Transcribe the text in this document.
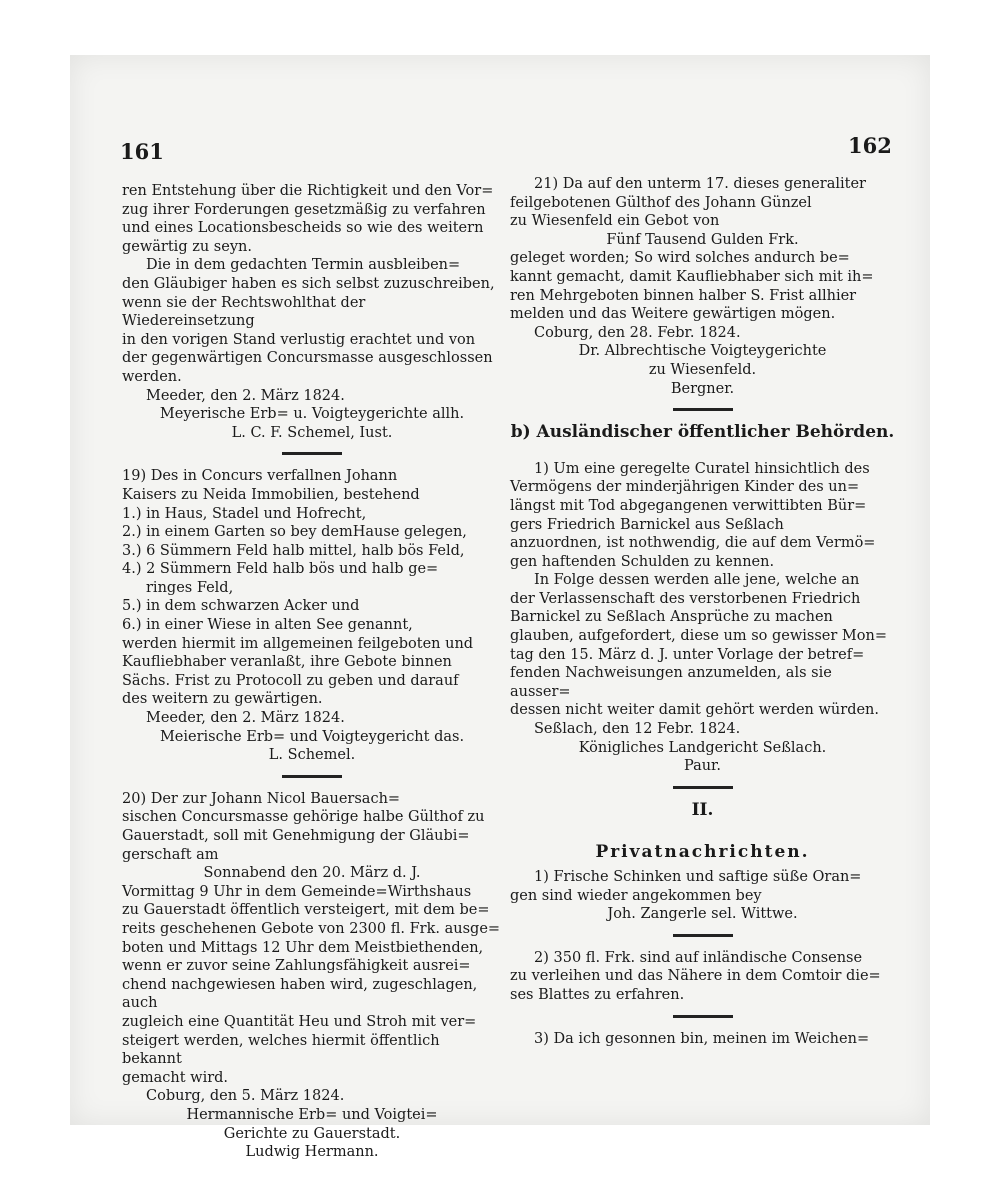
161	162

ren Entstehung über die Richtigkeit und den Vor=

zug ihrer Forderungen gesetzmäßig zu verfahren

und eines Locationsbescheids so wie des weitern

gewärtig zu seyn.

Die in dem gedachten Termin ausbleiben=

den Gläubiger haben es sich selbst zuzuschreiben,

wenn sie der Rechtswohlthat der Wiedereinsetzung

in den vorigen Stand verlustig erachtet und von

der gegenwärtigen Concursmasse ausgeschlossen

werden.

Meeder, den 2. März 1824.

Meyerische Erb= u. Voigteygerichte allh.

L. C. F. Schemel, Iust.

19) Des in Concurs verfallnen Johann

Kaisers zu Neida Immobilien, bestehend

1.) in Haus, Stadel und Hofrecht,

2.) in einem Garten so bey demHause gelegen,

3.) 6 Sümmern Feld halb mittel, halb bös Feld,

4.) 2 Sümmern Feld halb bös und halb ge=

ringes Feld,

5.) in dem schwarzen Acker und

6.) in einer Wiese in alten See genannt,

werden hiermit im allgemeinen feilgeboten und

Kaufliebhaber veranlaßt, ihre Gebote binnen

Sächs. Frist zu Protocoll zu geben und darauf

des weitern zu gewärtigen.

Meeder, den 2. März 1824.

Meierische Erb= und Voigteygericht das.

L. Schemel.

20) Der zur Johann Nicol Bauersach=

sischen Concursmasse gehörige halbe Gülthof zu

Gauerstadt, soll mit Genehmigung der Gläubi=

gerschaft am

Sonnabend den 20. März d. J.

Vormittag 9 Uhr in dem Gemeinde=Wirthshaus

zu Gauerstadt öffentlich versteigert, mit dem be=

reits geschehenen Gebote von 2300 fl. Frk. ausge=

boten und Mittags 12 Uhr dem Meistbiethenden,

wenn er zuvor seine Zahlungsfähigkeit ausrei=

chend nachgewiesen haben wird, zugeschlagen, auch

zugleich eine Quantität Heu und Stroh mit ver=

steigert werden, welches hiermit öffentlich bekannt

gemacht wird.

Coburg, den 5. März 1824.

Hermannische Erb= und Voigtei=

Gerichte zu Gauerstadt.

Ludwig Hermann.

21) Da auf den unterm 17. dieses generaliter

feilgebotenen Gülthof des Johann Günzel

zu Wiesenfeld ein Gebot von

Fünf Tausend Gulden Frk.

geleget worden; So wird solches andurch be=

kannt gemacht, damit Kaufliebhaber sich mit ih=

ren Mehrgeboten binnen halber S. Frist allhier

melden und das Weitere gewärtigen mögen.

Coburg, den 28. Febr. 1824.

Dr. Albrechtische Voigteygerichte

zu Wiesenfeld.

Bergner.

b) Ausländischer öffentlicher Behörden.

1) Um eine geregelte Curatel hinsichtlich des

Vermögens der minderjährigen Kinder des un=

längst mit Tod abgegangenen verwittibten Bür=

gers Friedrich Barnickel aus Seßlach

anzuordnen, ist nothwendig, die auf dem Vermö=

gen haftenden Schulden zu kennen.

In Folge dessen werden alle jene, welche an

der Verlassenschaft des verstorbenen Friedrich

Barnickel zu Seßlach Ansprüche zu machen

glauben, aufgefordert, diese um so gewisser Mon=

tag den 15. März d. J. unter Vorlage der betref=

fenden Nachweisungen anzumelden, als sie ausser=

dessen nicht weiter damit gehört werden würden.

Seßlach, den 12 Febr. 1824.

Königliches Landgericht Seßlach.

Paur.

II.
Privatnachrichten.

1) Frische Schinken und saftige süße Oran=

gen sind wieder angekommen bey

Joh. Zangerle sel. Wittwe.

2) 350 fl. Frk. sind auf inländische Consense

zu verleihen und das Nähere in dem Comtoir die=

ses Blattes zu erfahren.

3) Da ich gesonnen bin, meinen im Weichen=
